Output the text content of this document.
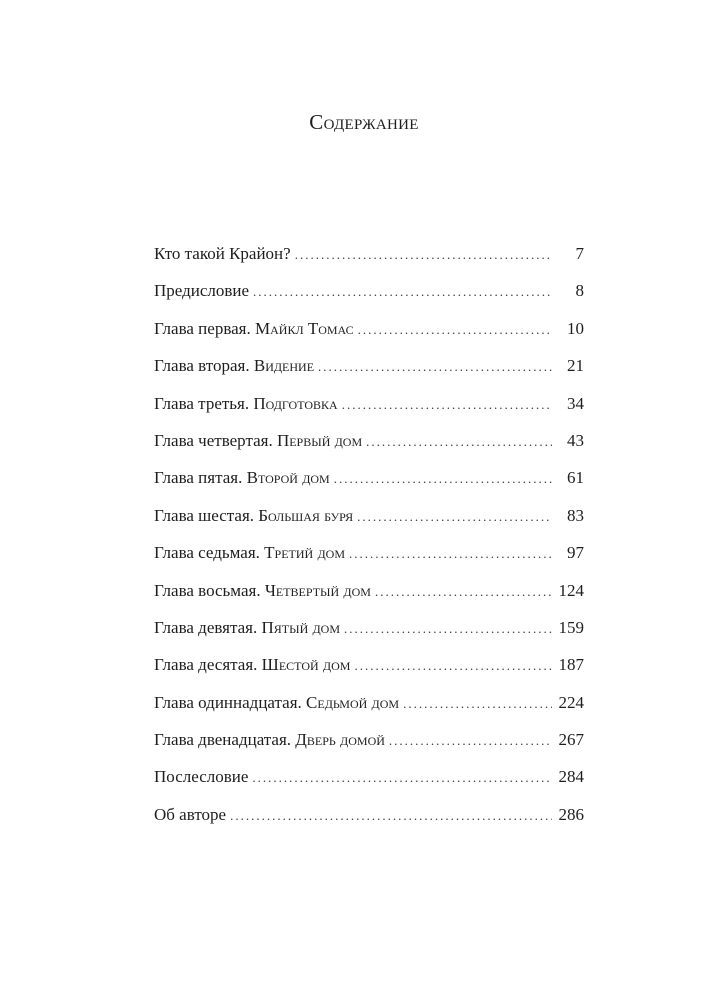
Содержание
Кто такой Крайон? .....	7
Предисловие .....	8
Глава первая. Майкл Томас .....	10
Глава вторая. Видение .....	21
Глава третья. Подготовка .....	34
Глава четвертая. Первый дом .....	43
Глава пятая. Второй дом .....	61
Глава шестая. Большая буря .....	83
Глава седьмая. Третий дом .....	97
Глава восьмая. Четвертый дом .....	124
Глава девятая. Пятый дом .....	159
Глава десятая. Шестой дом .....	187
Глава одиннадцатая. Седьмой дом .....	224
Глава двенадцатая. Дверь домой .....	267
Послесловие .....	284
Об авторе .....	286
